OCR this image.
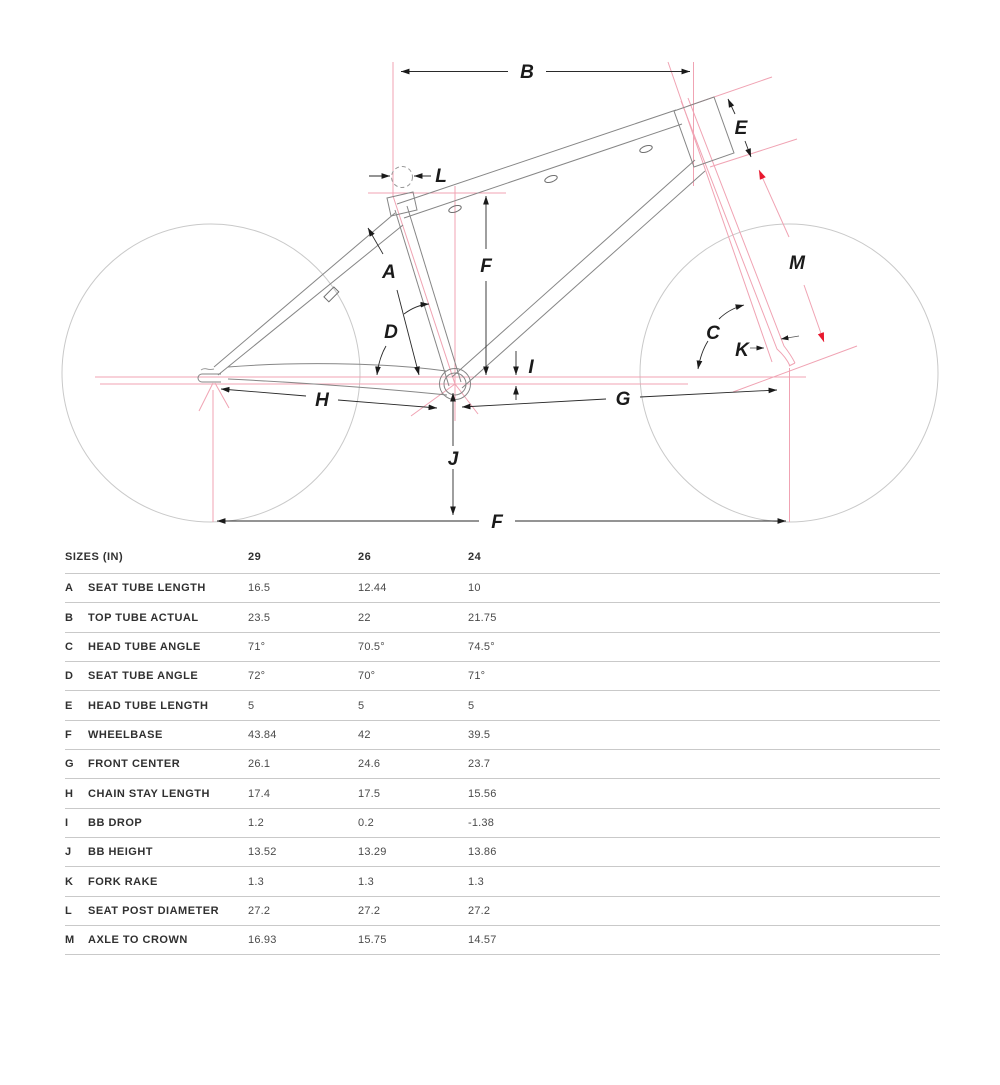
B
L
E
A	F
D
M
C
K
I
H	G
J
F
SIZES (IN)	29	26	24
A	SEAT TUBE LENGTH	16.5	12.44	10
B	TOP TUBE ACTUAL	23.5	22	21.75
C	HEAD TUBE ANGLE	71°	70.5°	74.5°
D	SEAT TUBE ANGLE	72°	70°	71°
E	HEAD TUBE LENGTH	5	5	5
F	WHEELBASE	43.84	42	39.5
G	FRONT CENTER	26.1	24.6	23.7
H	CHAIN STAY LENGTH	17.4	17.5	15.56
I	BB DROP	1.2	0.2	-1.38
J	BB HEIGHT	13.52	13.29	13.86
K	FORK RAKE	1.3	1.3	1.3
L	SEAT POST DIAMETER	27.2	27.2	27.2
M	AXLE TO CROWN	16.93	15.75	14.57
